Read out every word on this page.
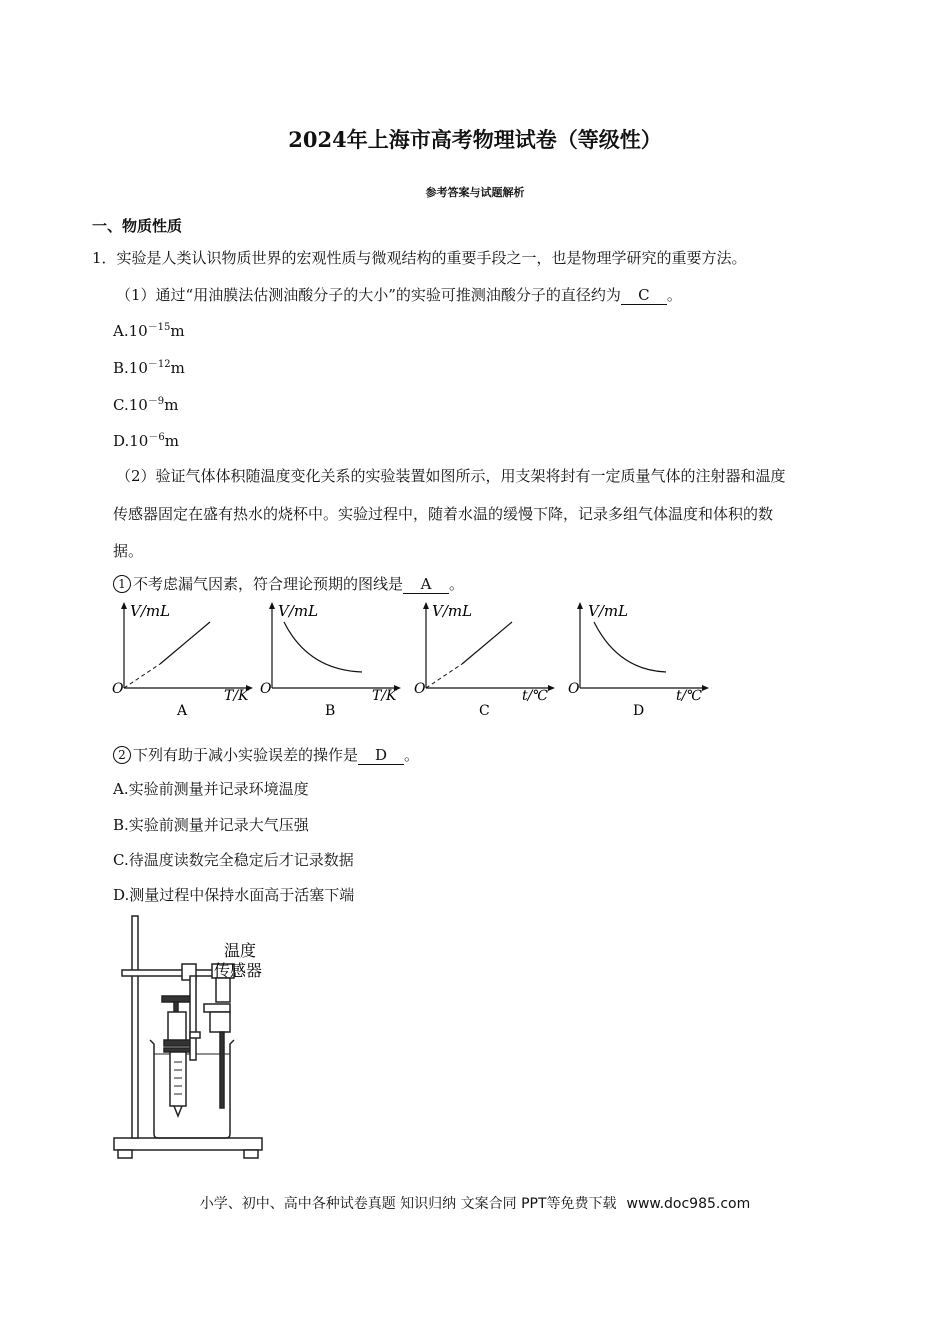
2024年上海市高考物理试卷（等级性）
参考答案与试题解析
一、物质性质
1．实验是人类认识物质世界的宏观性质与微观结构的重要手段之一，也是物理学研究的重要方法。
（1）通过“用油膜法估测油酸分子的大小”的实验可推测油酸分子的直径约为 C 。
$A.10^{-15}m$
$B.10^{-12}m$
$C.10^{-9}m$
$D.10^{-6}m$
（2）验证气体体积随温度变化关系的实验装置如图所示，用支架将封有一定质量气体的注射器和温度
传感器固定在盛有热水的烧杯中。实验过程中，随着水温的缓慢下降，记录多组气体温度和体积的数
据。
1 不考虑漏气因素，符合理论预期的图线是 A 。
V/mL
O	T/K
A
V/mL
O	T/K
B
V/mL
O	t/℃
C
V/mL
O	t/℃
D
2 下列有助于减小实验误差的操作是 D 。
A.实验前测量并记录环境温度
B.实验前测量并记录大气压强
C.待温度读数完全稳定后才记录数据
D.测量过程中保持水面高于活塞下端
温度
传感器
小学、初中、高中各种试卷真题 知识归纳 文案合同 PPT等免费下载 www.doc985.com
